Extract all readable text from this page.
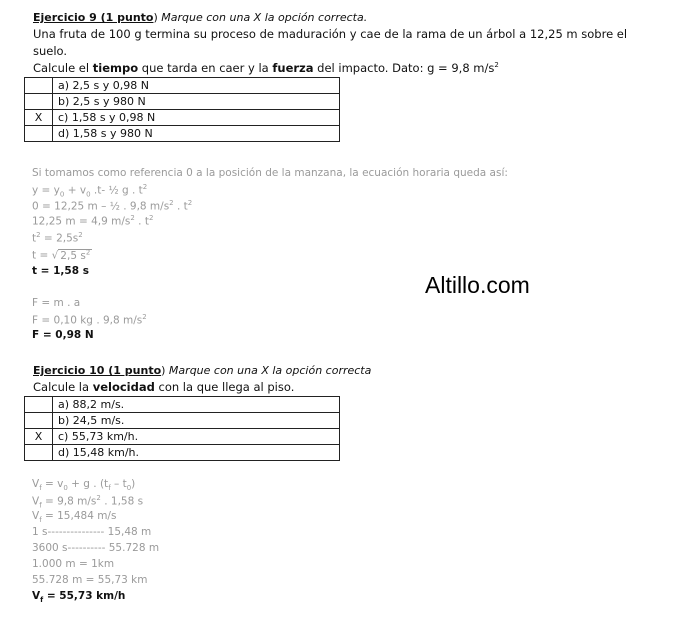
Ejercicio 9 (1 punto) Marque con una X la opción correcta.
Una fruta de 100 g termina su proceso de maduración y cae de la rama de un árbol a 12,25 m sobre el
suelo.
Calcule el tiempo que tarda en caer y la fuerza del impacto. Dato: g = 9,8 $m/s^2$
	a) 2,5 s y 0,98 N
	b) 2,5 s y 980 N
X	c) 1,58 s y 0,98 N
	d) 1,58 s y 980 N
Si tomamos como referencia 0 a la posición de la manzana, la ecuación horaria queda así:
$y = y_0 + v_0$ .t- ½ g . $t^2$
0 = 12,25 m – ½ . 9,8 $m/s^2$ . $t^2$
12,25 m = 4,9 $m/s^2$ . $t^2$
$t^2 = 2,5s^2$
t = √ 2,5 $s^2$
t = 1,58 s
F = m . a
F = 0,10 kg . 9,8 $m/s^2$
F = 0,98 N
Altillo.com
Ejercicio 10 (1 punto) Marque con una X la opción correcta
Calcule la velocidad con la que llega al piso.
	a) 88,2 m/s.
	b) 24,5 m/s.
X	c) 55,73 km/h.
	d) 15,48 km/h.
$V_f = v_0 + g$ . $(t_f - t_0)$
$V_f = 9,8$ $m/s^2$ . 1,58 s
$V_f = 15,484$ m/s
1 s--------------- 15,48 m
3600 s---------- 55.728 m
1.000 m = 1km
55.728 m = 55,73 km
$V_f = 55,73$ km/h
